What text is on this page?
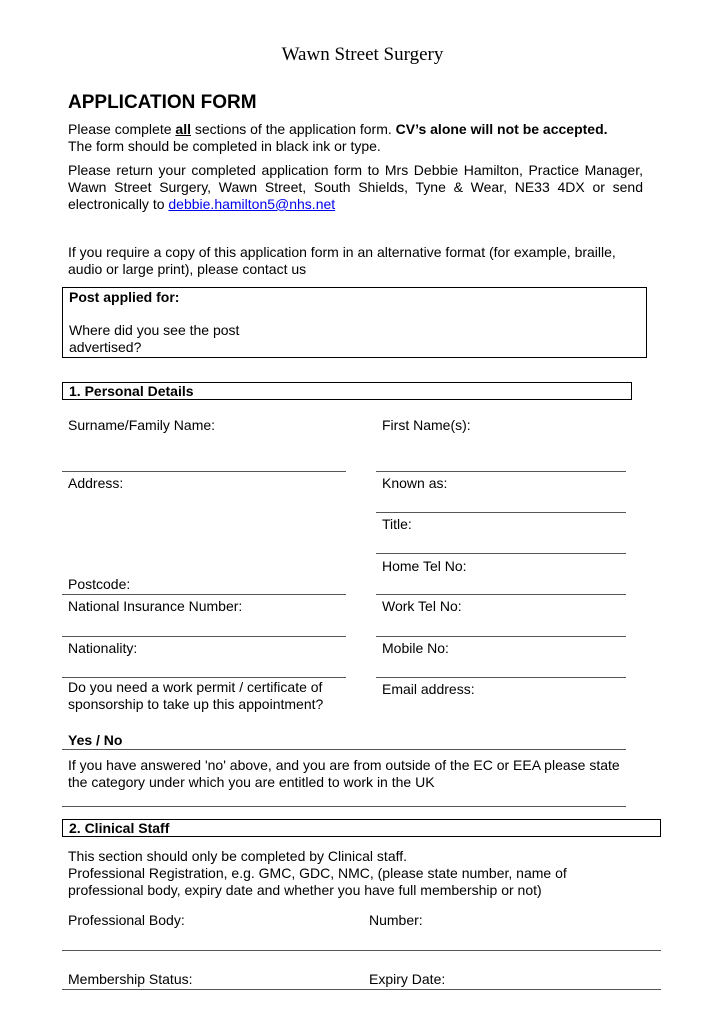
Wawn Street Surgery
APPLICATION FORM
Please complete all sections of the application form. CV’s alone will not be accepted.
The form should be completed in black ink or type.
Please return your completed application form to Mrs Debbie Hamilton, Practice Manager, Wawn Street Surgery, Wawn Street, South Shields, Tyne & Wear, NE33 4DX or send electronically to debbie.hamilton5@nhs.net
If you require a copy of this application form in an alternative format (for example, braille, audio or large print), please contact us
Post applied for:
Where did you see the post
advertised?
1. Personal Details
Surname/Family Name:
Address:
Postcode:
National Insurance Number:
Nationality:
Do you need a work permit / certificate of
sponsorship to take up this appointment?
First Name(s):
Known as:
Title:
Home Tel No:
Work Tel No:
Mobile No:
Email address:
Yes / No
If you have answered 'no' above, and you are from outside of the EC or EEA please state the category under which you are entitled to work in the UK
2. Clinical Staff
This section should only be completed by Clinical staff.
Professional Registration, e.g. GMC, GDC, NMC, (please state number, name of professional body, expiry date and whether you have full membership or not)
Professional Body:	Number:
Membership Status:	Expiry Date:
